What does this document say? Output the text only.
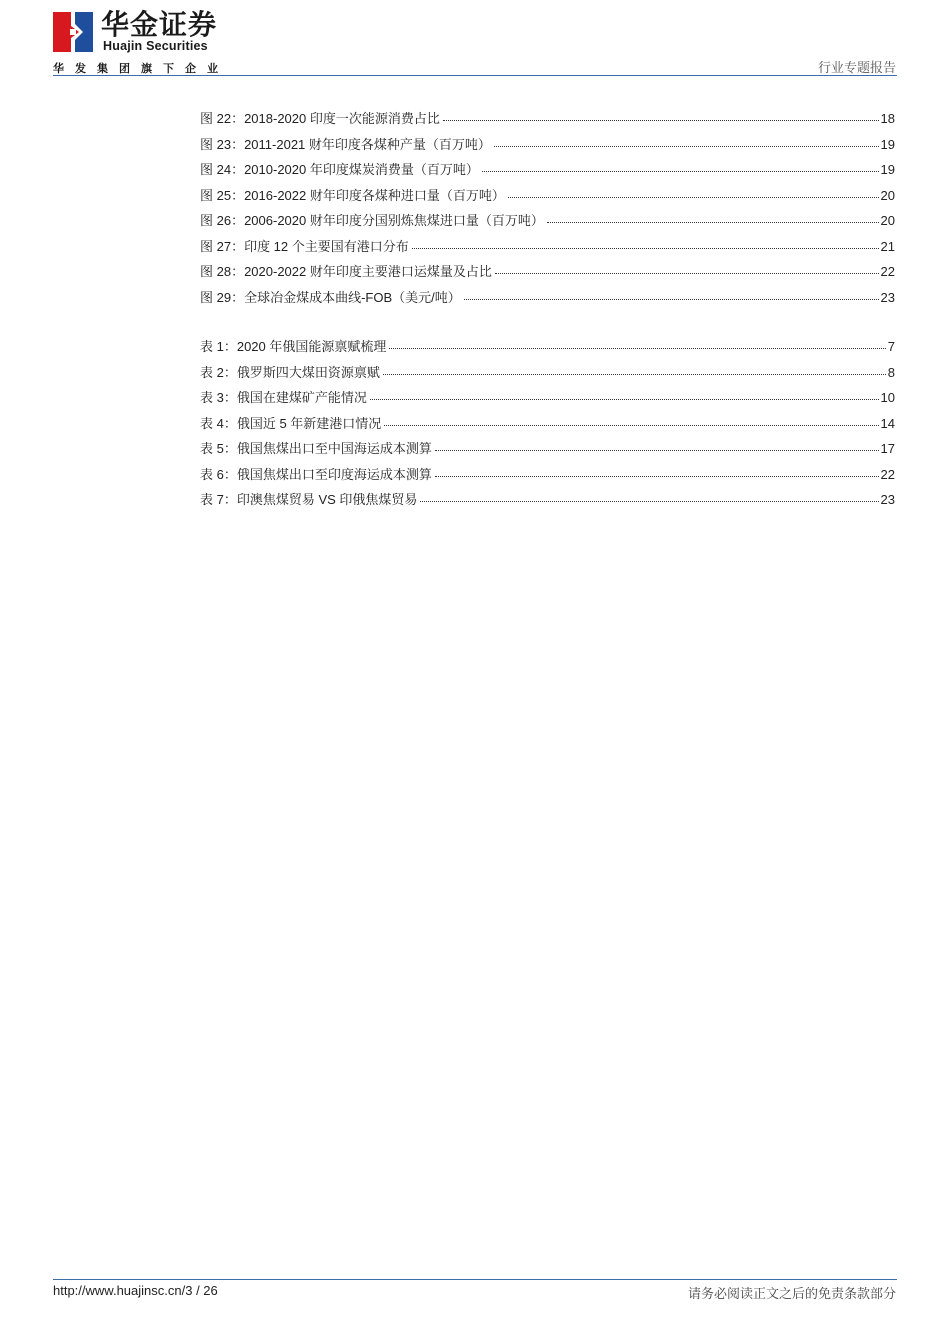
华金证券
Huajin Securities
华发集团旗下企业	行业专题报告
图 22：2018-2020 印度一次能源消费占比	18
图 23：2011-2021 财年印度各煤种产量（百万吨）	19
图 24：2010-2020 年印度煤炭消费量（百万吨）	19
图 25：2016-2022 财年印度各煤种进口量（百万吨）	20
图 26：2006-2020 财年印度分国别炼焦煤进口量（百万吨）	20
图 27：印度 12 个主要国有港口分布	21
图 28：2020-2022 财年印度主要港口运煤量及占比	22
图 29：全球冶金煤成本曲线-FOB（美元/吨）	23
表 1：2020 年俄国能源禀赋梳理	7
表 2：俄罗斯四大煤田资源禀赋	8
表 3：俄国在建煤矿产能情况	10
表 4：俄国近 5 年新建港口情况	14
表 5：俄国焦煤出口至中国海运成本测算	17
表 6：俄国焦煤出口至印度海运成本测算	22
表 7：印澳焦煤贸易 VS 印俄焦煤贸易	23
http://www.huajinsc.cn/3 / 26	请务必阅读正文之后的免责条款部分
